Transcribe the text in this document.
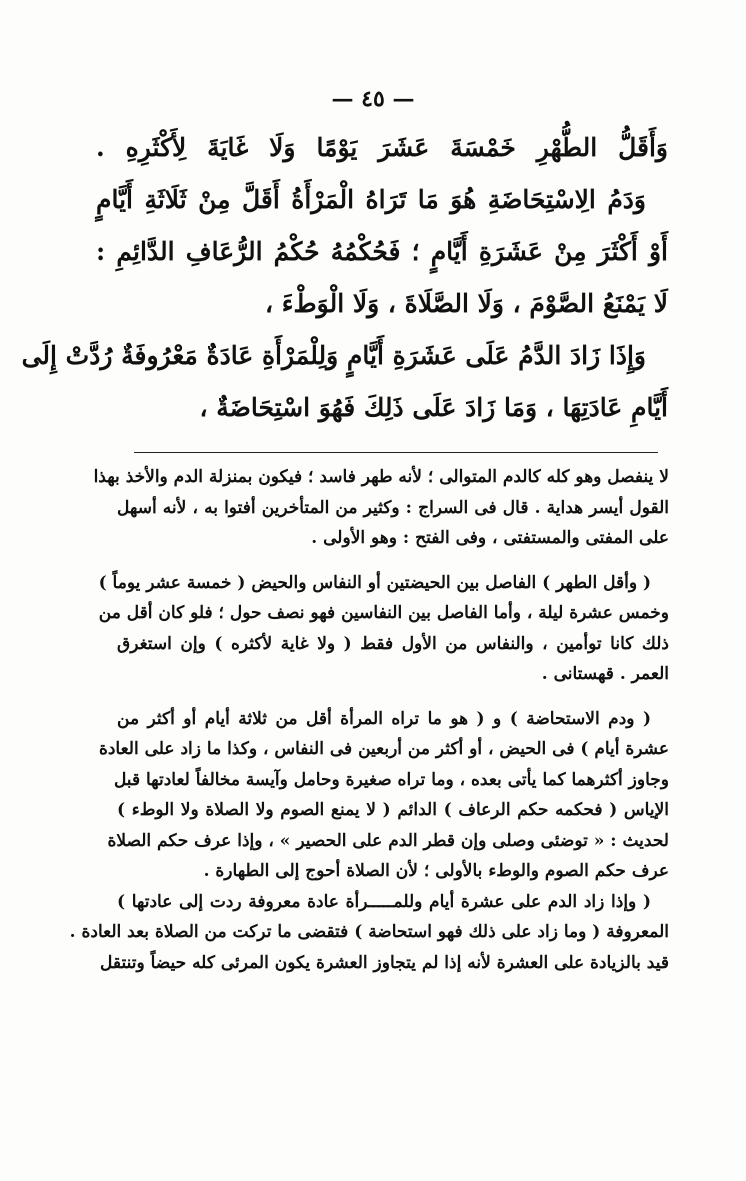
— ٤٥ —
وَأَقَلُّ الطُّهْرِ خَمْسَةَ عَشَرَ يَوْمًا وَلَا غَايَةَ لِأَكْثَرِهِ .
وَدَمُ الِاسْتِحَاضَةِ هُوَ مَا تَرَاهُ الْمَرْأَةُ أَقَلَّ مِنْ ثَلَاثَةِ أَيَّامٍ
أَوْ أَكْثَرَ مِنْ عَشَرَةِ أَيَّامٍ ؛ فَحُكْمُهُ حُكْمُ الرُّعَافِ الدَّائِمِ :
لَا يَمْنَعُ الصَّوْمَ ، وَلَا الصَّلَاةَ ، وَلَا الْوَطْءَ ،
وَإِذَا زَادَ الدَّمُ عَلَى عَشَرَةِ أَيَّامٍ وَلِلْمَرْأَةِ عَادَةٌ مَعْرُوفَةٌ رُدَّتْ إِلَى
أَيَّامِ عَادَتِهَا ، وَمَا زَادَ عَلَى ذَلِكَ فَهُوَ اسْتِحَاضَةٌ ،
لا ينفصل وهو كله كالدم المتوالى ؛ لأنه طهر فاسد ؛ فيكون بمنزلة الدم والأخذ بهذا
القول أيسر هداية . قال فى السراج : وكثير من المتأخرين أفتوا به ، لأنه أسهل
على المفتى والمستفتى ، وفى الفتح : وهو الأولى .
( وأقل الطهر ) الفاصل بين الحيضتين أو النفاس والحيض ( خمسة عشر يوماً )
وخمس عشرة ليلة ، وأما الفاصل بين النفاسين فهو نصف حول ؛ فلو كان أقل من
ذلك كانا توأمين ، والنفاس من الأول فقط ( ولا غاية لأكثره ) وإن استغرق
العمر . قهستانى .
( ودم الاستحاضة ) و ( هو ما تراه المرأة أقل من ثلاثة أيام أو أكثر من
عشرة أيام ) فى الحيض ، أو أكثر من أربعين فى النفاس ، وكذا ما زاد على العادة
وجاوز أكثرهما كما يأتى بعده ، وما تراه صغيرة وحامل وآيسة مخالفاً لعادتها قبل
الإياس ( فحكمه حكم الرعاف ) الدائم ( لا يمنع الصوم ولا الصلاة ولا الوطء )
لحديث : « توضئى وصلى وإن قطر الدم على الحصير » ، وإذا عرف حكم الصلاة
عرف حكم الصوم والوطء بالأولى ؛ لأن الصلاة أحوج إلى الطهارة .
( وإذا زاد الدم على عشرة أيام وللمـــــرأة عادة معروفة ردت إلى عادتها )
المعروفة ( وما زاد على ذلك فهو استحاضة ) فتقضى ما تركت من الصلاة بعد العادة .
قيد بالزيادة على العشرة لأنه إذا لم يتجاوز العشرة يكون المرئى كله حيضاً وتنتقل
